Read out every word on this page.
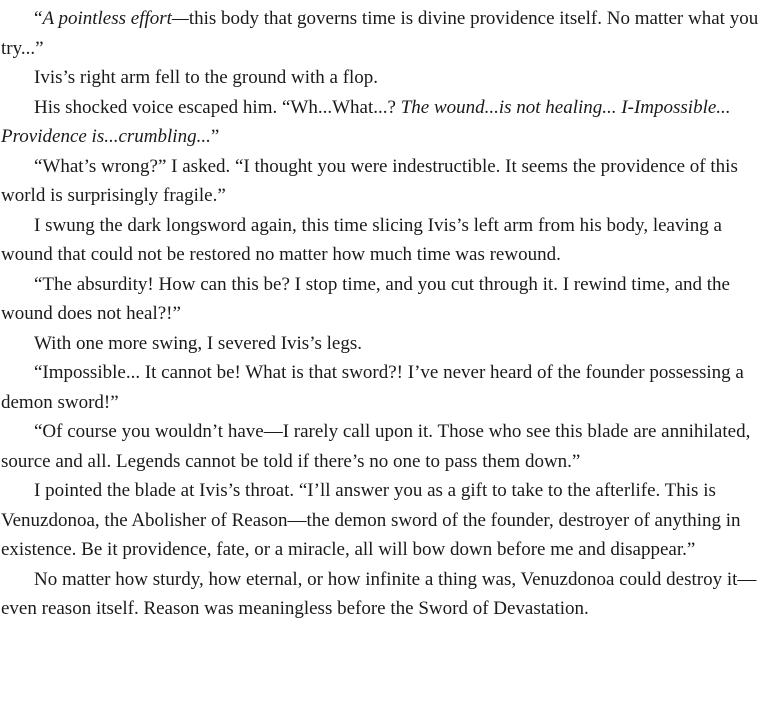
“A pointless effort—this body that governs time is divine providence itself. No matter what you try...”

Ivis’s right arm fell to the ground with a flop.

His shocked voice escaped him. “Wh...What...? The wound...is not healing... I-Impossible... Providence is...crumbling...”

“What’s wrong?” I asked. “I thought you were indestructible. It seems the providence of this world is surprisingly fragile.”

I swung the dark longsword again, this time slicing Ivis’s left arm from his body, leaving a wound that could not be restored no matter how much time was rewound.

“The absurdity! How can this be? I stop time, and you cut through it. I rewind time, and the wound does not heal?!”

With one more swing, I severed Ivis’s legs.

“Impossible... It cannot be! What is that sword?! I’ve never heard of the founder possessing a demon sword!”

“Of course you wouldn’t have—I rarely call upon it. Those who see this blade are annihilated, source and all. Legends cannot be told if there’s no one to pass them down.”

I pointed the blade at Ivis’s throat. “I’ll answer you as a gift to take to the afterlife. This is Venuzdonoa, the Abolisher of Reason—the demon sword of the founder, destroyer of anything in existence. Be it providence, fate, or a miracle, all will bow down before me and disappear.”

No matter how sturdy, how eternal, or how infinite a thing was, Venuzdonoa could destroy it—even reason itself. Reason was meaningless before the Sword of Devastation.
